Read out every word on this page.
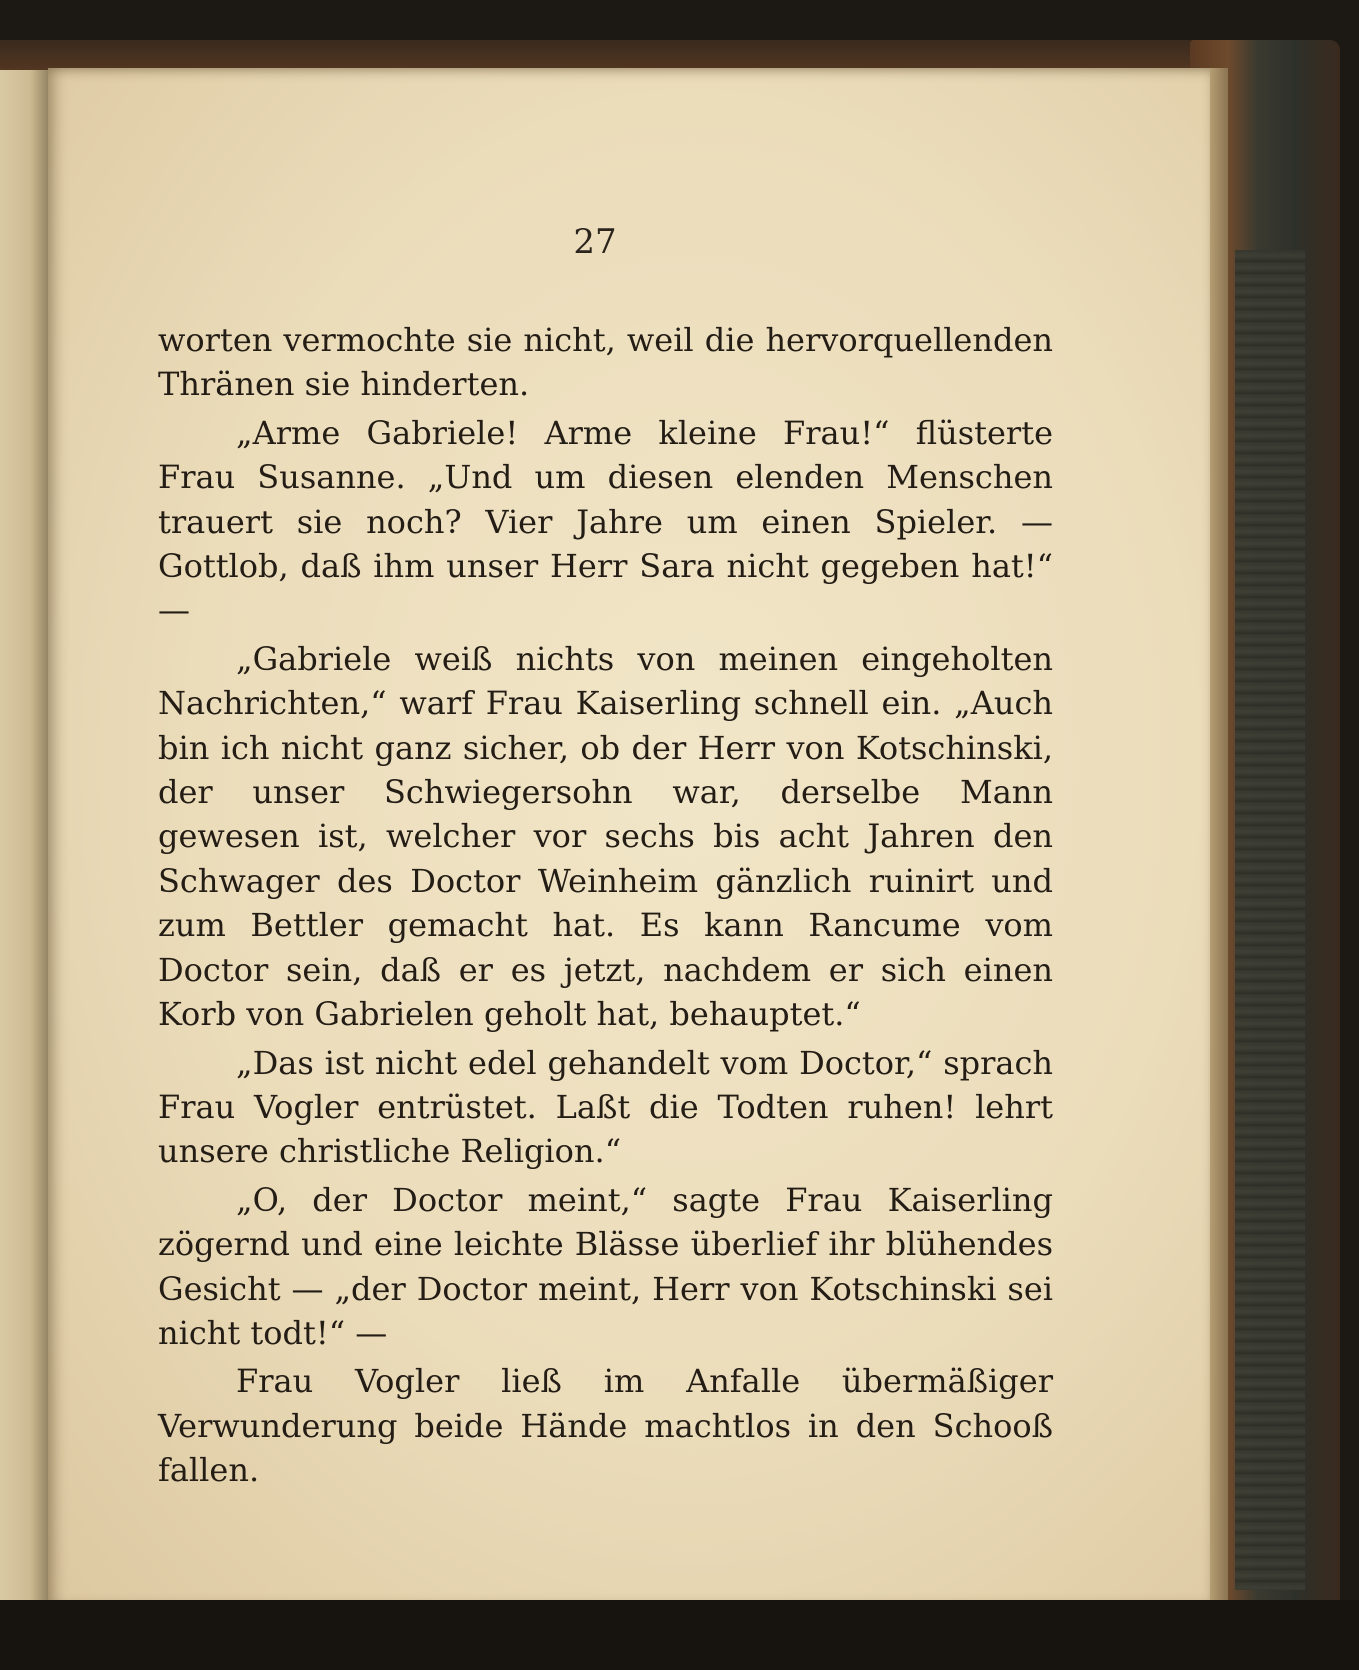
27

worten vermochte sie nicht, weil die hervorquellenden Thränen sie hinderten.

„Arme Gabriele! Arme kleine Frau!“ flüsterte Frau Susanne. „Und um diesen elenden Menschen trauert sie noch? Vier Jahre um einen Spieler. — Gottlob, daß ihm unser Herr Sara nicht gegeben hat!“ —

„Gabriele weiß nichts von meinen eingeholten Nachrichten,“ warf Frau Kaiserling schnell ein. „Auch bin ich nicht ganz sicher, ob der Herr von Kotschinski, der unser Schwiegersohn war, derselbe Mann gewesen ist, welcher vor sechs bis acht Jahren den Schwager des Doctor Weinheim gänzlich ruinirt und zum Bettler gemacht hat. Es kann Rancume vom Doctor sein, daß er es jetzt, nachdem er sich einen Korb von Gabrielen geholt hat, behauptet.“

„Das ist nicht edel gehandelt vom Doctor,“ sprach Frau Vogler entrüstet. Laßt die Todten ruhen! lehrt unsere christliche Religion.“

„O, der Doctor meint,“ sagte Frau Kaiserling zögernd und eine leichte Blässe überlief ihr blühendes Gesicht — „der Doctor meint, Herr von Kotschinski sei nicht todt!“ —

Frau Vogler ließ im Anfalle übermäßiger Verwunderung beide Hände machtlos in den Schooß fallen.
